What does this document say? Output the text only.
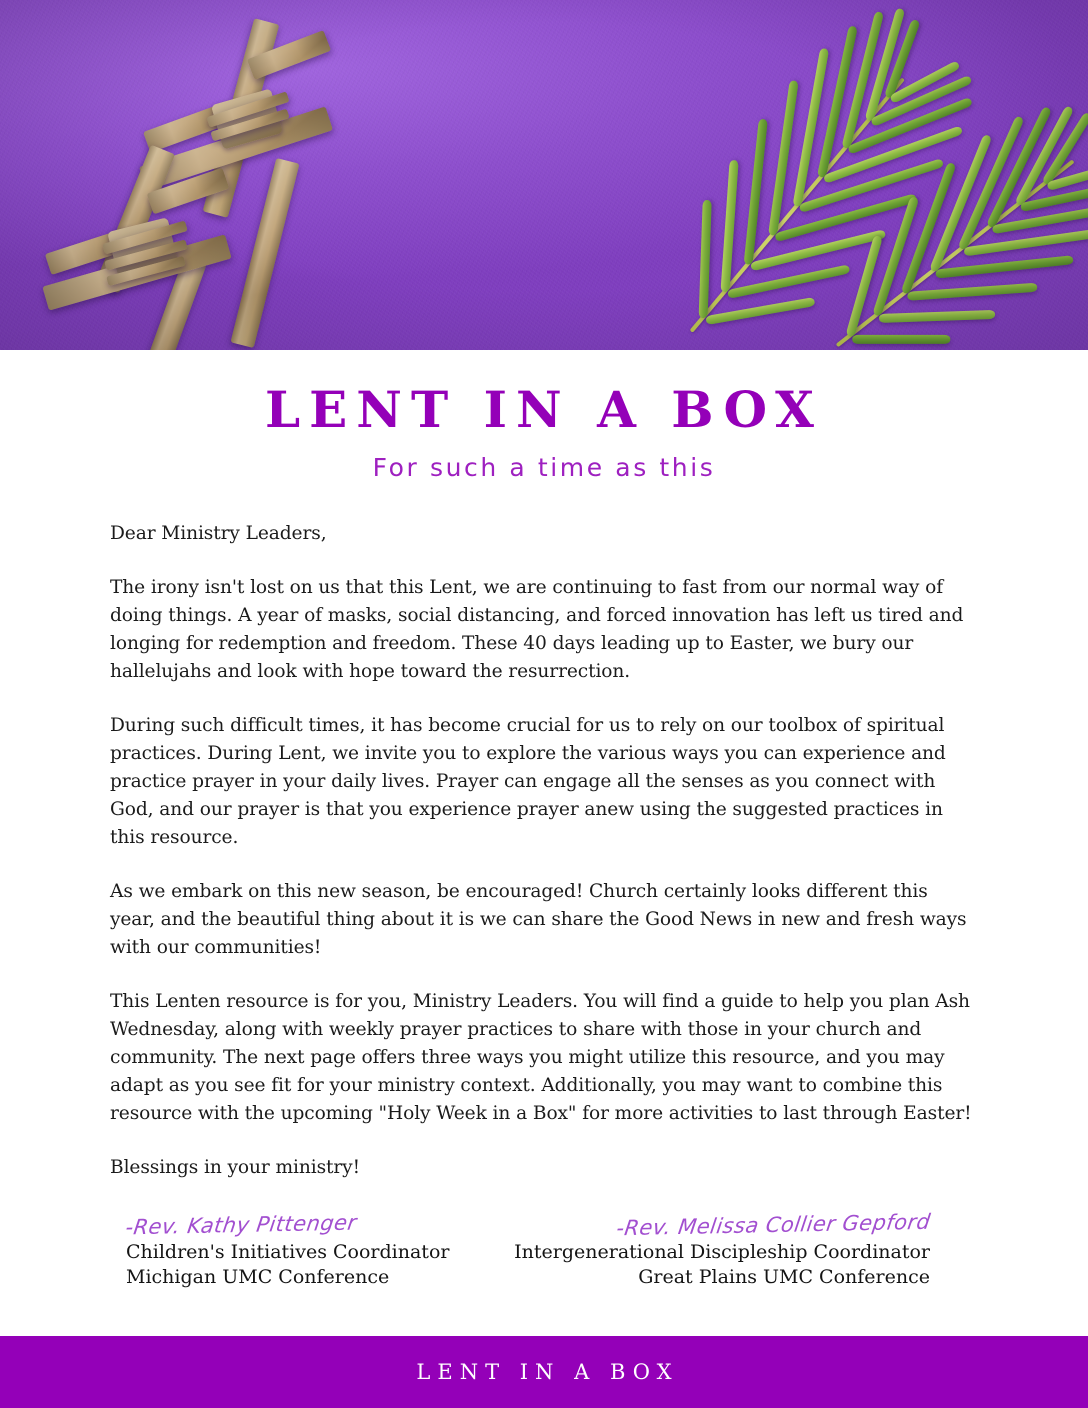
LENT IN A BOX
For such a time as this

Dear Ministry Leaders,

The irony isn't lost on us that this Lent, we are continuing to fast from our normal way of doing things. A year of masks, social distancing, and forced innovation has left us tired and longing for redemption and freedom. These 40 days leading up to Easter, we bury our hallelujahs and look with hope toward the resurrection.

During such difficult times, it has become crucial for us to rely on our toolbox of spiritual practices. During Lent, we invite you to explore the various ways you can experience and practice prayer in your daily lives. Prayer can engage all the senses as you connect with God, and our prayer is that you experience prayer anew using the suggested practices in this resource.

As we embark on this new season, be encouraged! Church certainly looks different this year, and the beautiful thing about it is we can share the Good News in new and fresh ways with our communities!

This Lenten resource is for you, Ministry Leaders. You will find a guide to help you plan Ash Wednesday, along with weekly prayer practices to share with those in your church and community. The next page offers three ways you might utilize this resource, and you may adapt as you see fit for your ministry context. Additionally, you may want to combine this resource with the upcoming "Holy Week in a Box" for more activities to last through Easter!

Blessings in your ministry!

-Rev. Kathy Pittenger
Children's Initiatives Coordinator
Michigan UMC Conference
-Rev. Melissa Collier Gepford
Intergenerational Discipleship Coordinator
Great Plains UMC Conference
LENT IN A BOX
